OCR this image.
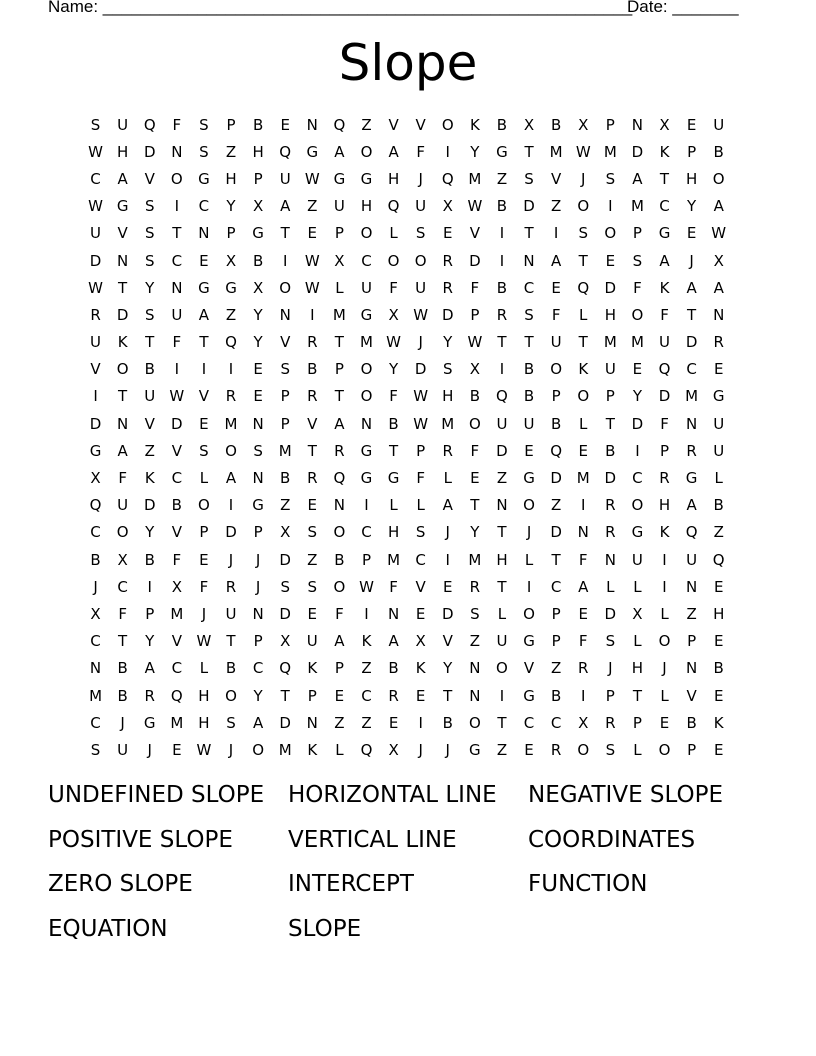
Name: ________________________________________________________
Date: _______
Slope
S	U	Q	F	S	P	B	E	N	Q	Z	V	V	O	K	B	X	B	X	P	N	X	E	U
W H	D	N	S	Z	H	Q	G	A	O	A	F	I	Y	G	T	M W M D	K	P	B
C	A	V	O	G	H	P	U W G	G	H	J	Q M	Z	S	V	J	S	A	T	H	O
W G	S	I	C	Y	X	A	Z	U	H	Q	U	X W B	D	Z	O	I	M	C	Y	A
U	V	S	T	N	P	G	T	E	P	O	L	S	E	V	I	T	I	S	O	P	G	E W
D	N	S	C	E	X	B	I	W X	C	O	O	R	D	I	N	A	T	E	S	A	J	X
W	T	Y	N	G	G	X	O W	L	U	F	U	R	F	B	C	E	Q	D	F	K	A	A
R	D	S	U	A	Z	Y	N	I	M G	X W D	P	R	S	F	L	H	O	F	T	N
U	K	T	F	T	Q	Y	V	R	T	M W	J	Y	W	T	T	U	T	M M	U	D	R
V	O	B	I	I	I	E	S	B	P	O	Y	D	S	X	I	B	O	K	U	E	Q	C	E
I	T	U W V	R	E	P	R	T	O	F	W H	B	Q	B	P	O	P	Y	D M G
D	N	V	D	E	M	N	P	V	A	N	B W M O	U	U	B	L	T	D	F	N	U
G	A	Z	V	S	O	S	M	T	R	G	T	P	R	F	D	E	Q	E	B	I	P	R	U
X	F	K	C	L	A	N	B	R	Q	G	G	F	L	E	Z	G	D M D	C	R	G	L
Q	U	D	B	O	I	G	Z	E	N	I	L	L	A	T	N	O	Z	I	R	O	H	A	B
C	O	Y	V	P	D	P	X	S	O	C	H	S	J	Y	T	J	D	N	R	G	K	Q	Z
B	X	B	F	E	J	J	D	Z	B	P	M	C	I	M H	L	T	F	N	U	I	U	Q
J	C	I	X	F	R	J	S	S	O W	F	V	E	R	T	I	C	A	L	L	I	N	E
X	F	P	M	J	U	N	D	E	F	I	N	E	D	S	L	O	P	E	D	X	L	Z	H
C	T	Y	V W	T	P	X	U	A	K	A	X	V	Z	U	G	P	F	S	L	O	P	E
N	B	A	C	L	B	C	Q	K	P	Z	B	K	Y	N	O	V	Z	R	J	H	J	N	B
M	B	R	Q	H	O	Y	T	P	E	C	R	E	T	N	I	G	B	I	P	T	L	V	E
C	J	G M H	S	A	D	N	Z	Z	E	I	B	O	T	C	C	X	R	P	E	B	K
S	U	J	E W	J	O M	K	L	Q	X	J	J	G	Z	E	R	O	S	L	O	P	E
UNDEFINED SLOPE	HORIZONTAL LINE	NEGATIVE SLOPE
POSITIVE SLOPE	VERTICAL LINE	COORDINATES
ZERO SLOPE	INTERCEPT	FUNCTION
EQUATION	SLOPE
